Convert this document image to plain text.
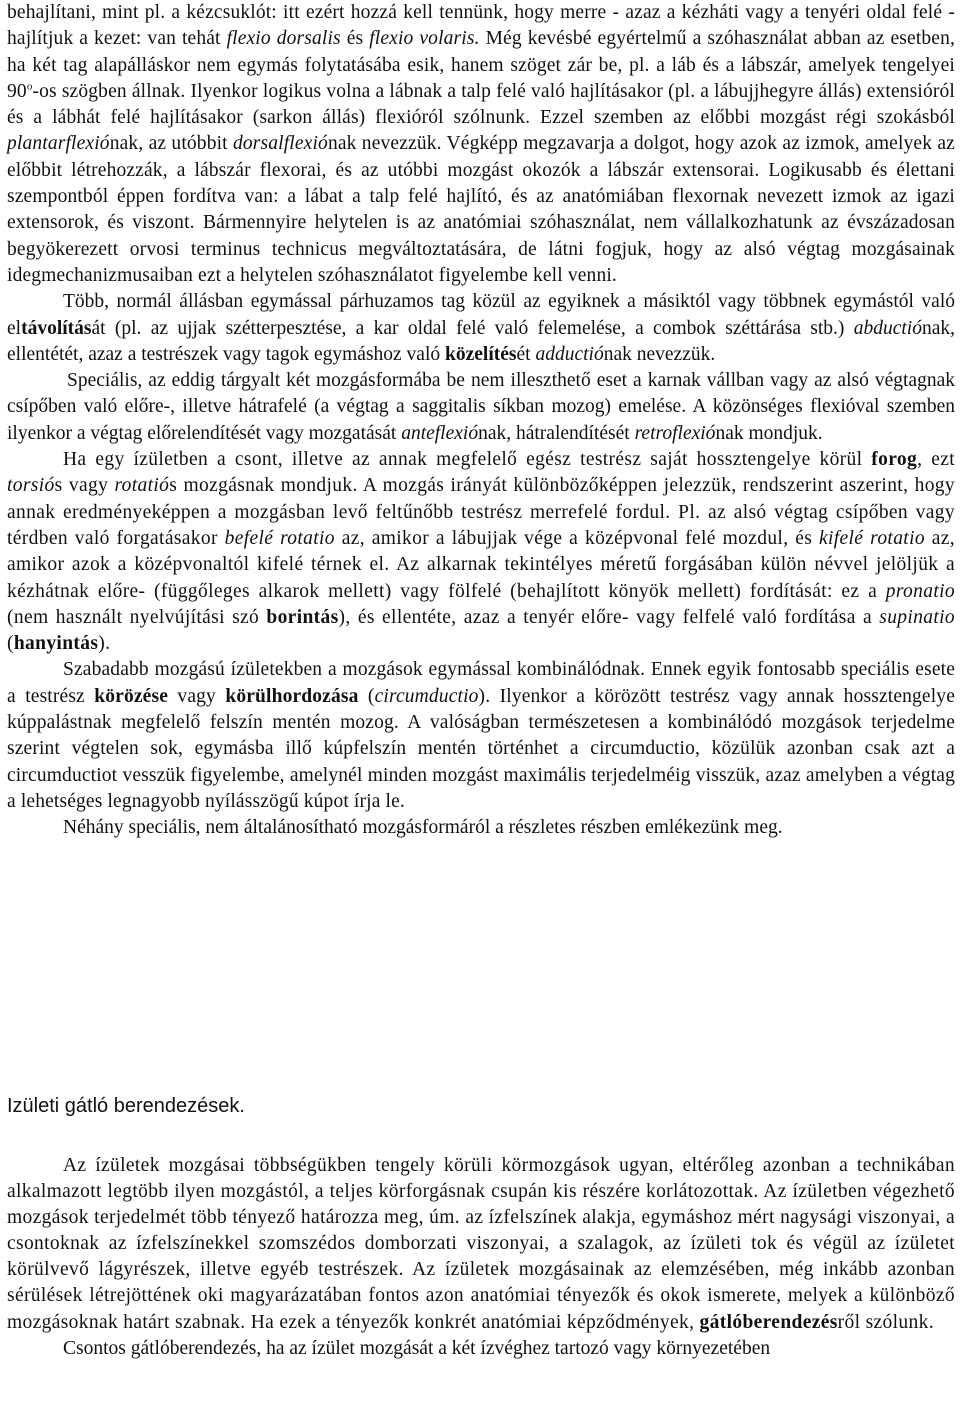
behajlítani, mint pl. a kézcsuklót: itt ezért hozzá kell tennünk, hogy merre - azaz a kézháti vagy a tenyéri oldal felé - hajlítjuk a kezet: van tehát flexio dorsalis és flexio volaris. Még kevésbé egyértelmű a szóhasználat abban az esetben, ha két tag alapálláskor nem egymás folytatásába esik, hanem szöget zár be, pl. a láb és a lábszár, amelyek tengelyei 90$^o$-os szögben állnak. Ilyenkor logikus volna a lábnak a talp felé való hajlításakor (pl. a lábujjhegyre állás) extensióról és a lábhát felé hajlításakor (sarkon állás) flexióról szólnunk. Ezzel szemben az előbbi mozgást régi szokásból plantarflexiónak, az utóbbit dorsalflexiónak nevezzük. Végképp megzavarja a dolgot, hogy azok az izmok, amelyek az előbbit létrehozzák, a lábszár flexorai, és az utóbbi mozgást okozók a lábszár extensorai. Logikusabb és élettani szempontból éppen fordítva van: a lábat a talp felé hajlító, és az anatómiában flexornak nevezett izmok az igazi extensorok, és viszont. Bármennyire helytelen is az anatómiai szóhasználat, nem vállalkozhatunk az évszázadosan begyökerezett orvosi terminus technicus megváltoztatására, de látni fogjuk, hogy az alsó végtag mozgásainak idegmechanizmusaiban ezt a helytelen szóhasználatot figyelembe kell venni.

Több, normál állásban egymással párhuzamos tag közül az egyiknek a másiktól vagy többnek egymástól való eltávolítását (pl. az ujjak szétterpesztése, a kar oldal felé való felemelése, a combok széttárása stb.) abductiónak, ellentétét, azaz a testrészek vagy tagok egymáshoz való közelítését adductiónak nevezzük.

Speciális, az eddig tárgyalt két mozgásformába be nem illeszthető eset a karnak vállban vagy az alsó végtagnak csípőben való előre-, illetve hátrafelé (a végtag a saggitalis síkban mozog) emelése. A közönséges flexióval szemben ilyenkor a végtag előrelendítését vagy mozgatását anteflexiónak, hátralendítését retroflexiónak mondjuk.

Ha egy ízületben a csont, illetve az annak megfelelő egész testrész saját hossztengelye körül forog, ezt torsiós vagy rotatiós mozgásnak mondjuk. A mozgás irányát különbözőképpen jelezzük, rendszerint aszerint, hogy annak eredményeképpen a mozgásban levő feltűnőbb testrész merrefelé fordul. Pl. az alsó végtag csípőben vagy térdben való forgatásakor befelé rotatio az, amikor a lábujjak vége a középvonal felé mozdul, és kifelé rotatio az, amikor azok a középvonaltól kifelé térnek el. Az alkarnak tekintélyes méretű forgásában külön névvel jelöljük a kézhátnak előre- (függőleges alkarok mellett) vagy fölfelé (behajlított könyök mellett) fordítását: ez a pronatio (nem használt nyelvújítási szó borintás), és ellentéte, azaz a tenyér előre- vagy felfelé való fordítása a supinatio (hanyintás).

Szabadabb mozgású ízületekben a mozgások egymással kombinálódnak. Ennek egyik fontosabb speciális esete a testrész körözése vagy körülhordozása (circumductio). Ilyenkor a körözött testrész vagy annak hossztengelye kúppalástnak megfelelő felszín mentén mozog. A valóságban természetesen a kombinálódó mozgások terjedelme szerint végtelen sok, egymásba illő kúpfelszín mentén történhet a circumductio, közülük azonban csak azt a circumductiot vesszük figyelembe, amelynél minden mozgást maximális terjedelméig visszük, azaz amelyben a végtag a lehetséges legnagyobb nyílásszögű kúpot írja le.

Néhány speciális, nem általánosítható mozgásformáról a részletes részben emlékezünk meg.

Izületi gátló berendezések.

Az ízületek mozgásai többségükben tengely körüli körmozgások ugyan, eltérőleg azonban a technikában alkalmazott legtöbb ilyen mozgástól, a teljes körforgásnak csupán kis részére korlátozottak. Az ízületben végezhető mozgások terjedelmét több tényező határozza meg, úm. az ízfelszínek alakja, egymáshoz mért nagysági viszonyai, a csontoknak az ízfelszínekkel szomszédos domborzati viszonyai, a szalagok, az ízületi tok és végül az ízületet körülvevő lágyrészek, illetve egyéb testrészek. Az ízületek mozgásainak az elemzésében, még inkább azonban sérülések létrejöttének oki magyarázatában fontos azon anatómiai tényezők és okok ismerete, melyek a különböző mozgásoknak határt szabnak. Ha ezek a tényezők konkrét anatómiai képződmények, gátlóberendezésről szólunk.

Csontos gátlóberendezés, ha az ízület mozgását a két ízvéghez tartozó vagy környezetében
